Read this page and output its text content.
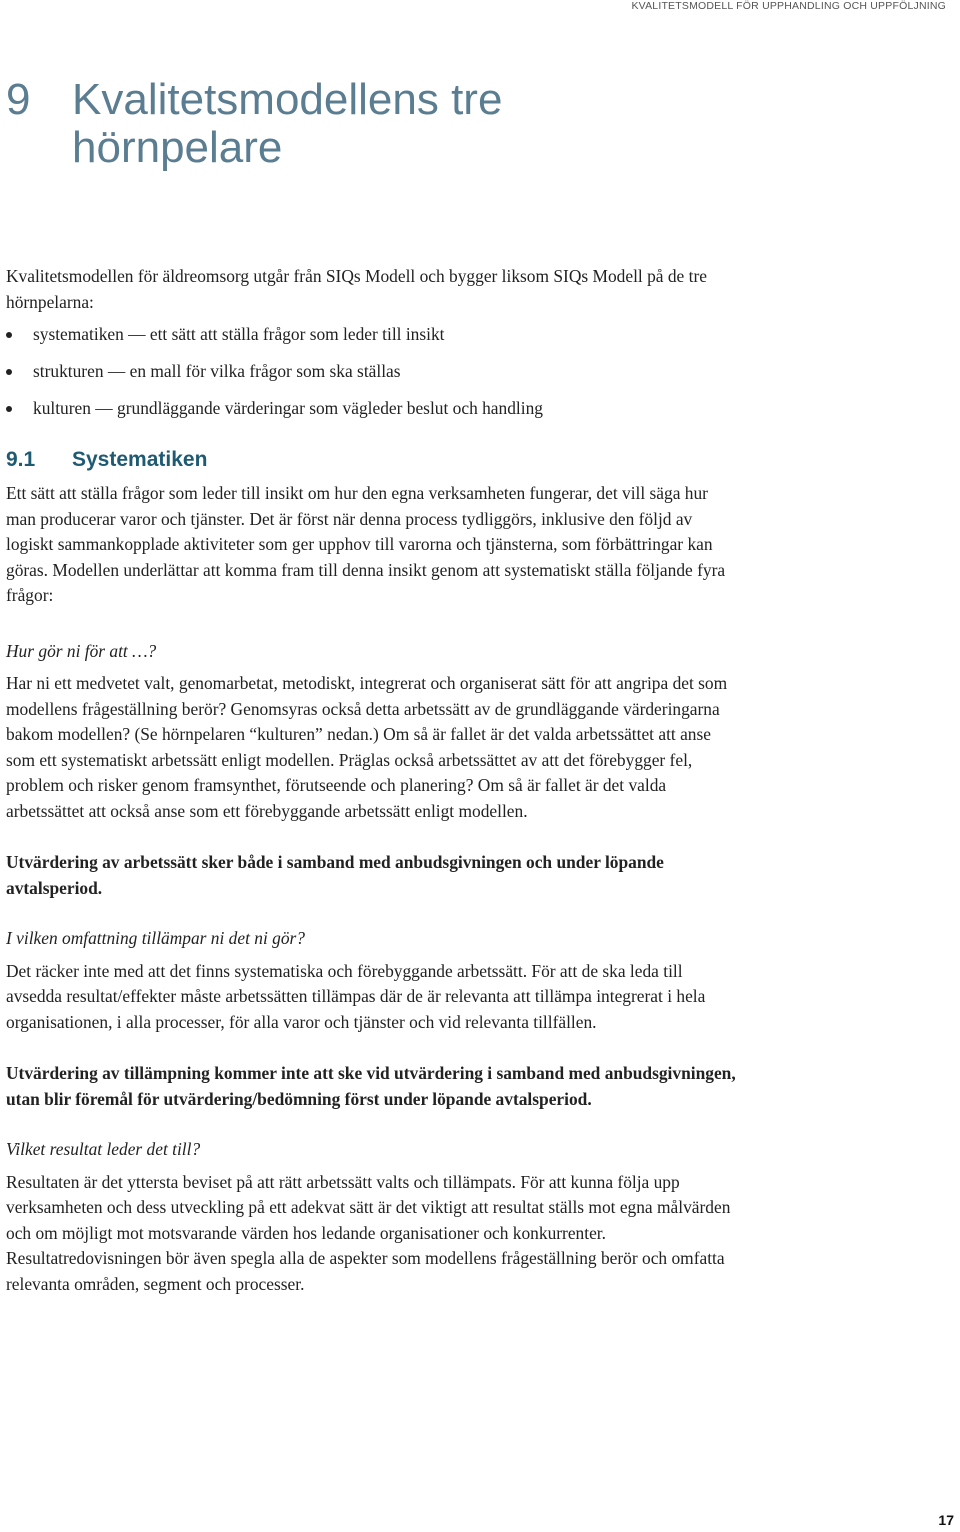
KVALITETSMODELL FÖR UPPHANDLING OCH UPPFÖLJNING
9 Kvalitetsmodellens tre hörnpelare

Kvalitetsmodellen för äldreomsorg utgår från SIQs Modell och bygger liksom SIQs Modell på de tre hörnpelarna:

systematiken — ett sätt att ställa frågor som leder till insikt
strukturen — en mall för vilka frågor som ska ställas
kulturen — grundläggande värderingar som vägleder beslut och handling
9.1	Systematiken

Ett sätt att ställa frågor som leder till insikt om hur den egna verksamheten fungerar, det vill säga hur man producerar varor och tjänster. Det är först när denna process tydliggörs, inklusive den följd av logiskt sammankopplade aktiviteter som ger upphov till varorna och tjänsterna, som förbättringar kan göras. Modellen underlättar att komma fram till denna insikt genom att systematiskt ställa följande fyra frågor:

Hur gör ni för att …?

Har ni ett medvetet valt, genomarbetat, metodiskt, integrerat och organiserat sätt för att angripa det som modellens frågeställning berör? Genomsyras också detta arbetssätt av de grundläggande värderingarna bakom modellen? (Se hörnpelaren “kulturen” nedan.) Om så är fallet är det valda arbetssättet att anse som ett systematiskt arbetssätt enligt modellen. Präglas också arbetssättet av att det förebygger fel, problem och risker genom framsynthet, förutseende och planering? Om så är fallet är det valda arbetssättet att också anse som ett förebyggande arbetssätt enligt modellen.

Utvärdering av arbetssätt sker både i samband med anbudsgivningen och under löpande avtalsperiod.

I vilken omfattning tillämpar ni det ni gör?

Det räcker inte med att det finns systematiska och förebyggande arbetssätt. För att de ska leda till avsedda resultat/effekter måste arbetssätten tillämpas där de är relevanta att tillämpa integrerat i hela organisationen, i alla processer, för alla varor och tjänster och vid relevanta tillfällen.

Utvärdering av tillämpning kommer inte att ske vid utvärdering i samband med anbudsgivningen, utan blir föremål för utvärdering/bedömning först under löpande avtalsperiod.

Vilket resultat leder det till?

Resultaten är det yttersta beviset på att rätt arbetssätt valts och tillämpats. För att kunna följa upp verksamheten och dess utveckling på ett adekvat sätt är det viktigt att resultat ställs mot egna målvärden och om möjligt mot motsvarande värden hos ledande organisationer och konkurrenter. Resultatredovisningen bör även spegla alla de aspekter som modellens frågeställning berör och omfatta relevanta områden, segment och processer.

17
